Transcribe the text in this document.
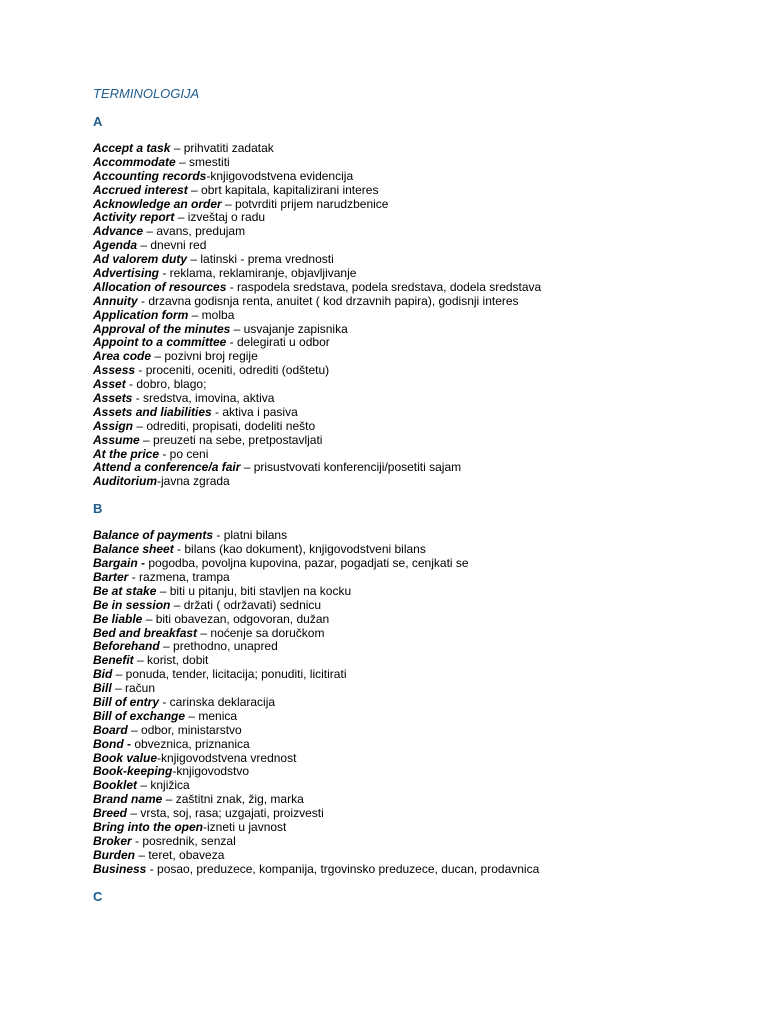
TERMINOLOGIJA
A
Accept a task – prihvatiti zadatak
Accommodate – smestiti
Accounting records-knjigovodstvena evidencija
Accrued interest – obrt kapitala, kapitalizirani interes
Acknowledge an order – potvrditi prijem narudzbenice
Activity report – izveštaj o radu
Advance – avans, predujam
Agenda – dnevni red
Ad valorem duty – latinski - prema vrednosti
Advertising - reklama, reklamiranje, objavljivanje
Allocation of resources - raspodela sredstava, podela sredstava, dodela sredstava
Annuity - drzavna godisnja renta, anuitet ( kod drzavnih papira), godisnji interes
Application form – molba
Approval of the minutes – usvajanje zapisnika
Appoint to a committee - delegirati u odbor
Area code – pozivni broj regije
Assess - proceniti, oceniti, odrediti (odštetu)
Asset - dobro, blago;
Assets - sredstva, imovina, aktiva
Assets and liabilities - aktiva i pasiva
Assign – odrediti, propisati, dodeliti nešto
Assume – preuzeti na sebe, pretpostavljati
At the price - po ceni
Attend a conference/a fair – prisustvovati konferenciji/posetiti sajam
Auditorium-javna zgrada
B
Balance of payments - platni bilans
Balance sheet - bilans (kao dokument), knjigovodstveni bilans
Bargain - pogodba, povoljna kupovina, pazar, pogadjati se, cenjkati se
Barter - razmena, trampa
Be at stake – biti u pitanju, biti stavljen na kocku
Be in session – držati ( održavati) sednicu
Be liable – biti obavezan, odgovoran, dužan
Bed and breakfast – noćenje sa doručkom
Beforehand – prethodno, unapred
Benefit – korist, dobit
Bid – ponuda, tender, licitacija; ponuditi, licitirati
Bill – račun
Bill of entry - carinska deklaracija
Bill of exchange – menica
Board – odbor, ministarstvo
Bond - obveznica, priznanica
Book value-knjigovodstvena vrednost
Book-keeping-knjigovodstvo
Booklet – knjižica
Brand name – zaštitni znak, žig, marka
Breed – vrsta, soj, rasa; uzgajati, proizvesti
Bring into the open-izneti u javnost
Broker - posrednik, senzal
Burden – teret, obaveza
Business - posao, preduzece, kompanija, trgovinsko preduzece, ducan, prodavnica
C
